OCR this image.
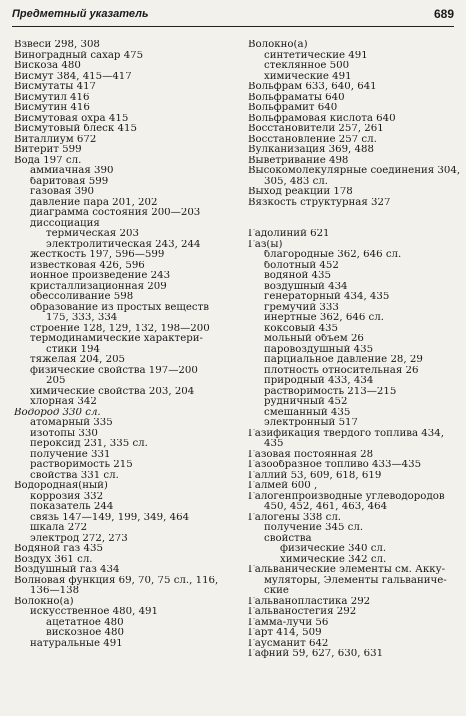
Предметный указатель	689

Взвеси 298, 308

Виноградный сахар 475

Вискоза 480

Висмут 384, 415—417

Висмутаты 417

Висмутил 416

Висмутин 416

Висмутовая охра 415

Висмутовый блеск 415

Виталлиум 672

Витерит 599

Вода 197 сл.

аммиачная 390

баритовая 599

газовая 390

давление пара 201, 202

диаграмма состояния 200—203

диссоциация

термическая 203

электролитическая 243, 244

жесткость 197, 596—599

известковая 426, 596

ионное произведение 243

кристаллизационная 209

обессоливание 598

образование из простых веществ

175, 333, 334

строение 128, 129, 132, 198—200

термодинамические характери-

стики 194

тяжелая 204, 205

физические свойства 197—200

205

химические свойства 203, 204

хлорная 342

Водород 330 сл.

атомарный 335

изотопы 330

пероксид 231, 335 сл.

получение 331

растворимость 215

свойства 331 сл.

Водородная(ный)

коррозия 332

показатель 244

связь 147—149, 199, 349, 464

шкала 272

электрод 272, 273

Водяной газ 435

Воздух 361 сл.

Воздушный газ 434

Волновая функция 69, 70, 75 сл., 116,

136—138

Волокно(а)

искусственное 480, 491

ацетатное 480

вискозное 480

натуральные 491

Волокно(а)

синтетические 491

стеклянное 500

химические 491

Вольфрам 633, 640, 641

Вольфраматы 640

Вольфрамит 640

Вольфрамовая кислота 640

Восстановители 257, 261

Восстановление 257 сл.

Вулканизация 369, 488

Выветривание 498

Высокомолекулярные соединения 304,

305, 483 сл.

Выход реакции 178

Вязкость структурная 327

Гадолиний 621

Газ(ы)

благородные 362, 646 сл.

болотный 452

водяной 435

воздушный 434

генераторный 434, 435

гремучий 333

инертные 362, 646 сл.

коксовый 435

мольный объем 26

паровоздушный 435

парциальное давление 28, 29

плотность относительная 26

природный 433, 434

растворимость 213—215

рудничный 452

смешанный 435

электронный 517

Газификация твердого топлива 434,

435

Газовая постоянная 28

Газообразное топливо 433—435

Галлий 53, 609, 618, 619

Галмей 600 ,

Галогенпроизводные углеводородов

450, 452, 461, 463, 464

Галогены 338 сл.

получение 345 сл.

свойства

физические 340 сл.

химические 342 сл.

Гальванические элементы см. Акку-

муляторы, Элементы гальваниче-

ские

Гальванопластика 292

Гальваностегия 292

Гамма-лучи 56

Гарт 414, 509

Гаусманит 642

Гафний 59, 627, 630, 631
